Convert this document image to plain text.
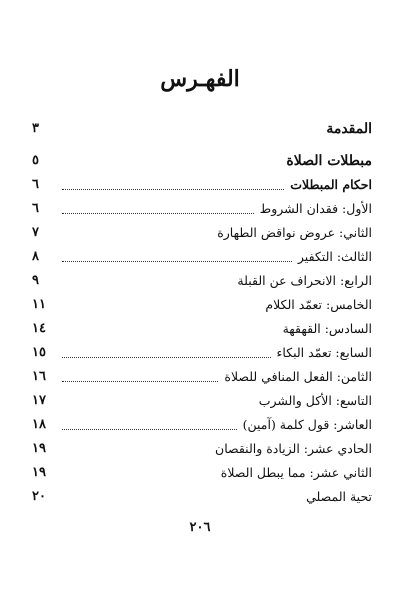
الفهـرس
المقدمة
٣
مبطلات الصلاة
٥
احكام المبطلات
٦
الأول: فقدان الشروط
٦
الثاني: عروض نواقض الطهارة
٧
الثالث: التكفير
٨
الرابع: الانحراف عن القبلة
٩
الخامس: تعمّد الكلام
١١
السادس: القهقهة
١٤
السابع: تعمّد البكاء
١٥
الثامن: الفعل المنافي للصلاة
١٦
التاسع: الأكل والشرب
١٧
العاشر: قول كلمة (آمين)
١٨
الحادي عشر: الزيادة والنقصان
١٩
الثاني عشر: مما يبطل الصلاة
١٩
تحية المصلي
٢٠
٢٠٦
